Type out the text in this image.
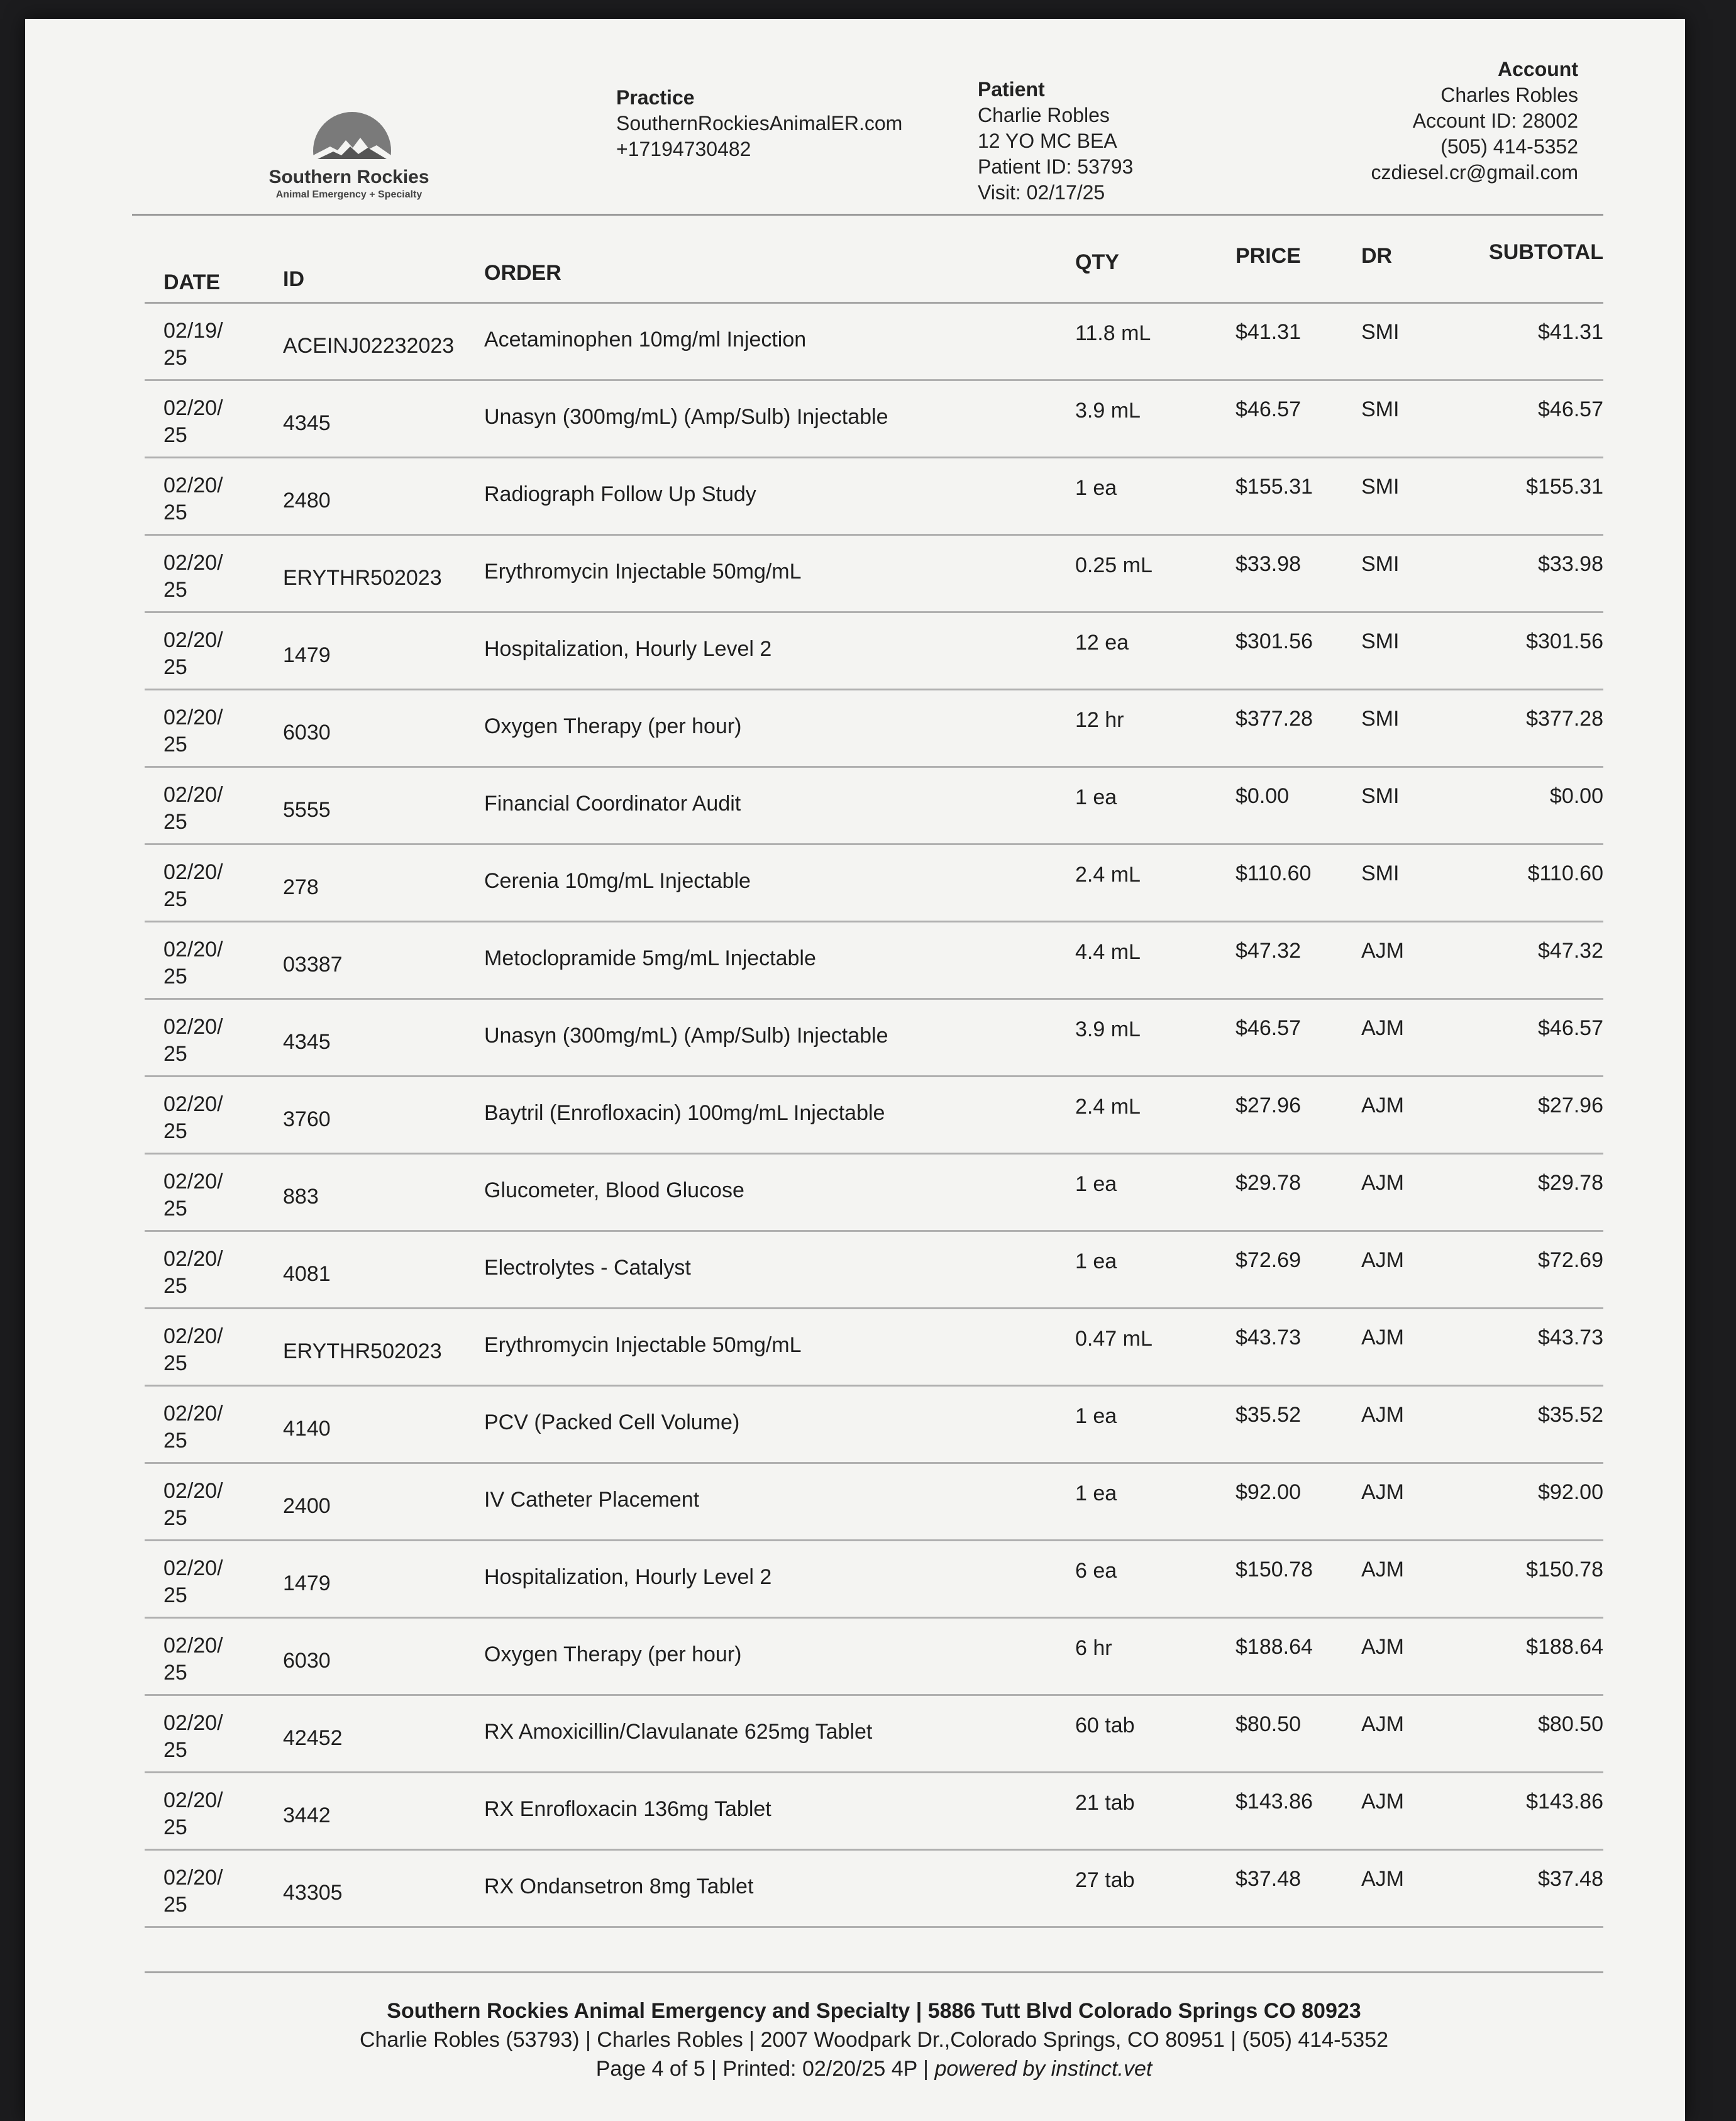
Southern Rockies
Animal Emergency + Specialty
Practice
SouthernRockiesAnimalER.com
+17194730482
Patient
Charlie Robles
12 YO MC BEA
Patient ID: 53793
Visit: 02/17/25
Account
Charles Robles
Account ID: 28002
(505) 414-5352
czdiesel.cr@gmail.com
DATE	ID	ORDER	QTY	PRICE	DR	SUBTOTAL
02/19/ 25	ACEINJ02232023 Acetaminophen 10mg/ml Injection	11.8 mL	$41.31	SMI	$41.31
02/20/ 25	4345	Unasyn (300mg/mL) (Amp/Sulb) Injectable	3.9 mL	$46.57	SMI	$46.57
02/20/ 25	2480	Radiograph Follow Up Study	1 ea	$155.31 SMI	$155.31
02/20/ 25	ERYTHR502023 Erythromycin Injectable 50mg/mL	0.25 mL	$33.98	SMI	$33.98
02/20/ 25	1479	Hospitalization, Hourly Level 2	12 ea	$301.56 SMI	$301.56
02/20/ 25	6030	Oxygen Therapy (per hour)	12 hr	$377.28 SMI	$377.28
02/20/ 25	5555	Financial Coordinator Audit	1 ea	$0.00	SMI	$0.00
02/20/ 25	278	Cerenia 10mg/mL Injectable	2.4 mL	$110.60 SMI	$110.60
02/20/ 25	03387	Metoclopramide 5mg/mL Injectable	4.4 mL	$47.32	AJM	$47.32
02/20/ 25	4345	Unasyn (300mg/mL) (Amp/Sulb) Injectable	3.9 mL	$46.57	AJM	$46.57
02/20/ 25	3760	Baytril (Enrofloxacin) 100mg/mL Injectable	2.4 mL	$27.96	AJM	$27.96
02/20/ 25	883	Glucometer, Blood Glucose	1 ea	$29.78	AJM	$29.78
02/20/ 25	4081	Electrolytes - Catalyst	1 ea	$72.69	AJM	$72.69
02/20/ 25	ERYTHR502023 Erythromycin Injectable 50mg/mL	0.47 mL	$43.73	AJM	$43.73
02/20/ 25	4140	PCV (Packed Cell Volume)	1 ea	$35.52	AJM	$35.52
02/20/ 25	2400	IV Catheter Placement	1 ea	$92.00	AJM	$92.00
02/20/ 25	1479	Hospitalization, Hourly Level 2	6 ea	$150.78 AJM	$150.78
02/20/ 25	6030	Oxygen Therapy (per hour)	6 hr	$188.64 AJM	$188.64
02/20/ 25	42452	RX Amoxicillin/Clavulanate 625mg Tablet	60 tab	$80.50	AJM	$80.50
02/20/ 25	3442	RX Enrofloxacin 136mg Tablet	21 tab	$143.86 AJM	$143.86
02/20/ 25	43305	RX Ondansetron 8mg Tablet	27 tab	$37.48	AJM	$37.48
Southern Rockies Animal Emergency and Specialty | 5886 Tutt Blvd Colorado Springs CO 80923
Charlie Robles (53793) | Charles Robles | 2007 Woodpark Dr.,Colorado Springs, CO 80951 | (505) 414-5352
Page 4 of 5 | Printed: 02/20/25 4P | powered by instinct.vet
